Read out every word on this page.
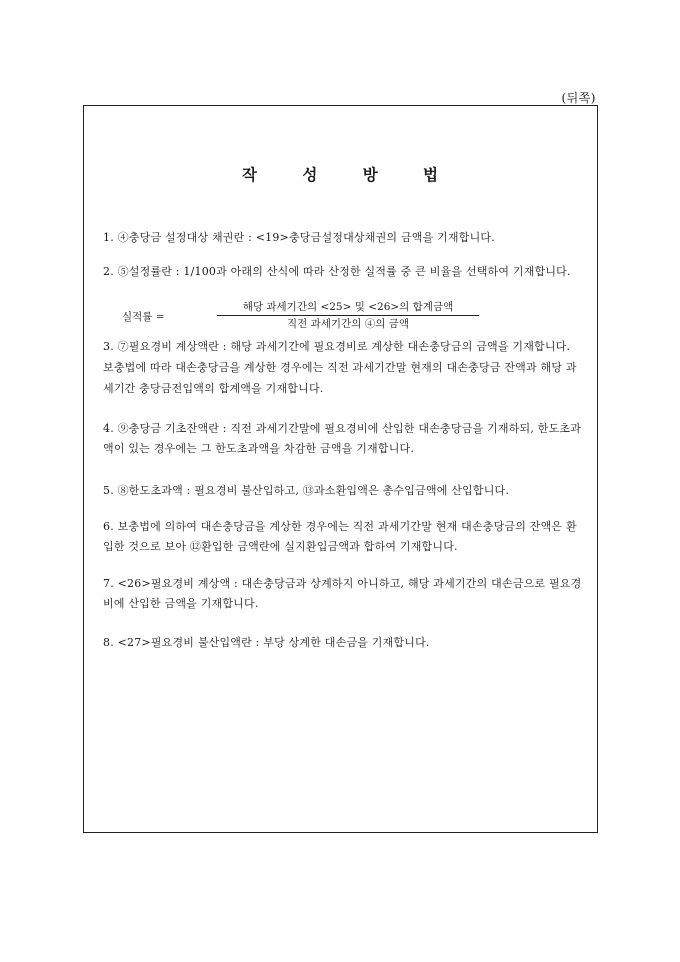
(뒤쪽)
작 성 방 법
1. ④충당금 설정대상 채권란 : <19>충당금설정대상채권의 금액을 기재합니다.
2. ⑤설정률란 : 1/100과 아래의 산식에 따라 산정한 실적률 중 큰 비율을 선택하여 기재합니다.
실적률 =
해당 과세기간의 <25> 및 <26>의 합계금액
직전 과세기간의 ④의 금액
3. ⑦필요경비 계상액란 : 해당 과세기간에 필요경비로 계상한 대손충당금의 금액을 기재합니다. 보충법에 따라 대손충당금을 계상한 경우에는 직전 과세기간말 현재의 대손충당금 잔액과 해당 과세기간 충당금전입액의 합계액을 기재합니다.
4. ⑨충당금 기초잔액란 : 직전 과세기간말에 필요경비에 산입한 대손충당금을 기재하되, 한도초과액이 있는 경우에는 그 한도초과액을 차감한 금액을 기재합니다.
5. ⑧한도초과액 : 필요경비 불산입하고, ⑬과소환입액은 총수입금액에 산입합니다.
6. 보충법에 의하여 대손충당금을 계상한 경우에는 직전 과세기간말 현재 대손충당금의 잔액은 환입한 것으로 보아 ⑫환입한 금액란에 실지환입금액과 합하여 기재합니다.
7. <26>필요경비 계상액 : 대손충당금과 상계하지 아니하고, 해당 과세기간의 대손금으로 필요경비에 산입한 금액을 기재합니다.
8. <27>필요경비 불산입액란 : 부당 상계한 대손금을 기재합니다.
